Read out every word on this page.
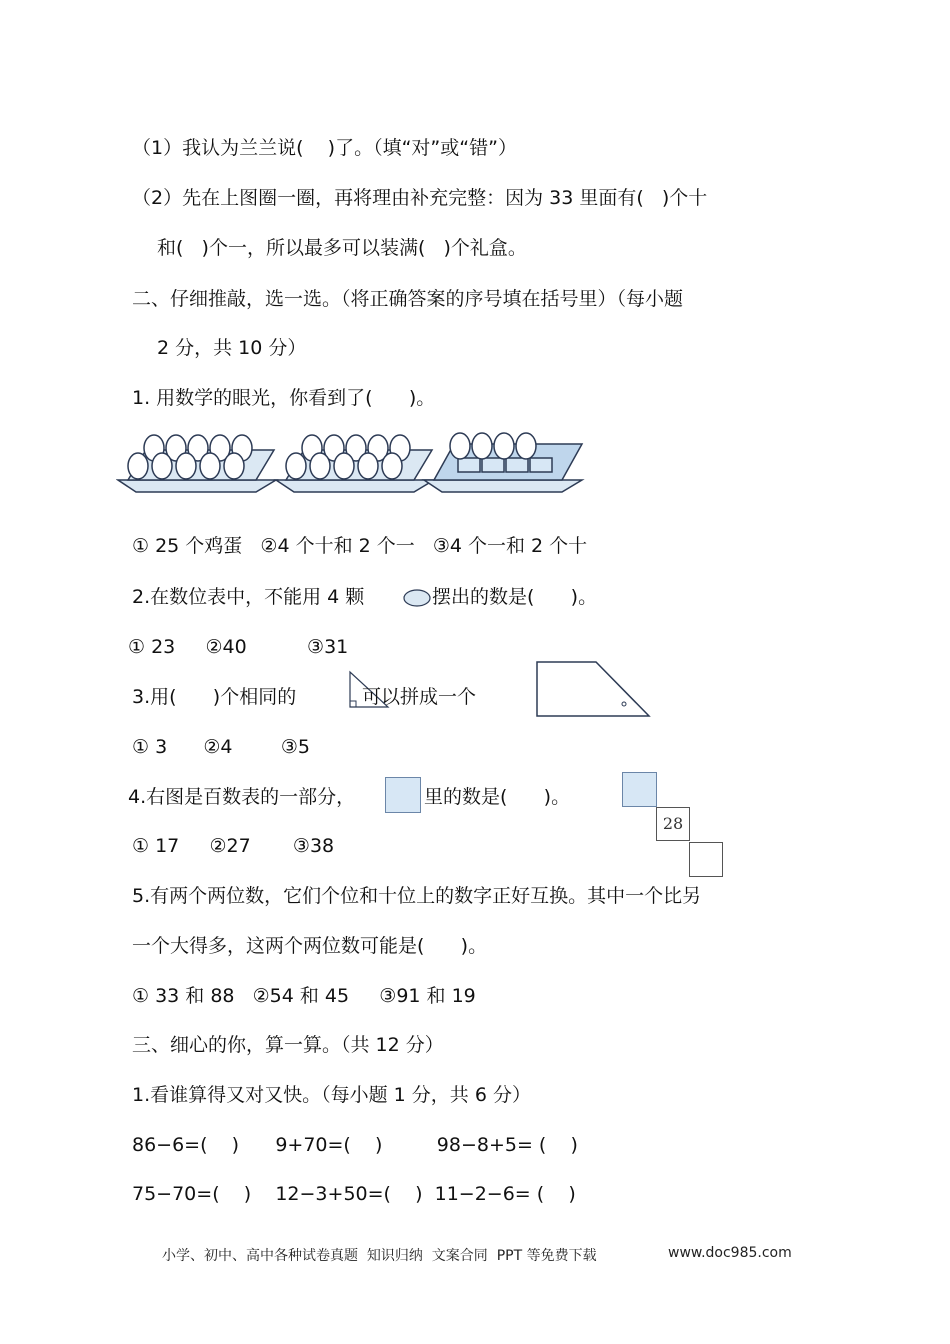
（1）我认为兰兰说(    )了。（填“对”或“错”）
（2）先在上图圈一圈，再将理由补充完整：因为 33 里面有(   )个十
和(   )个一，所以最多可以装满(   )个礼盒。
二、仔细推敲，选一选。（将正确答案的序号填在括号里）（每小题
2 分，共 10 分）
1. 用数学的眼光，你看到了(      )。
① 25 个鸡蛋   ②4 个十和 2 个一   ③4 个一和 2 个十
2.在数位表中，不能用 4 颗	摆出的数是(      )。
① 23     ②40          ③31
3.用(      )个相同的	可以拼成一个
① 3      ②4        ③5
4.右图是百数表的一部分，	里的数是(      )。
① 17     ②27       ③38
28
5.有两个两位数，它们个位和十位上的数字正好互换。其中一个比另
一个大得多，这两个两位数可能是(      )。
① 33 和 88   ②54 和 45     ③91 和 19
三、细心的你，算一算。（共 12 分）
1.看谁算得又对又快。（每小题 1 分，共 6 分）
86−6=(    )      9+70=(    )         98−8+5= (    )
75−70=(    )    12−3+50=(    )  11−2−6= (    )
小学、初中、高中各种试卷真题  知识归纳  文案合同  PPT 等免费下载	www.doc985.com
